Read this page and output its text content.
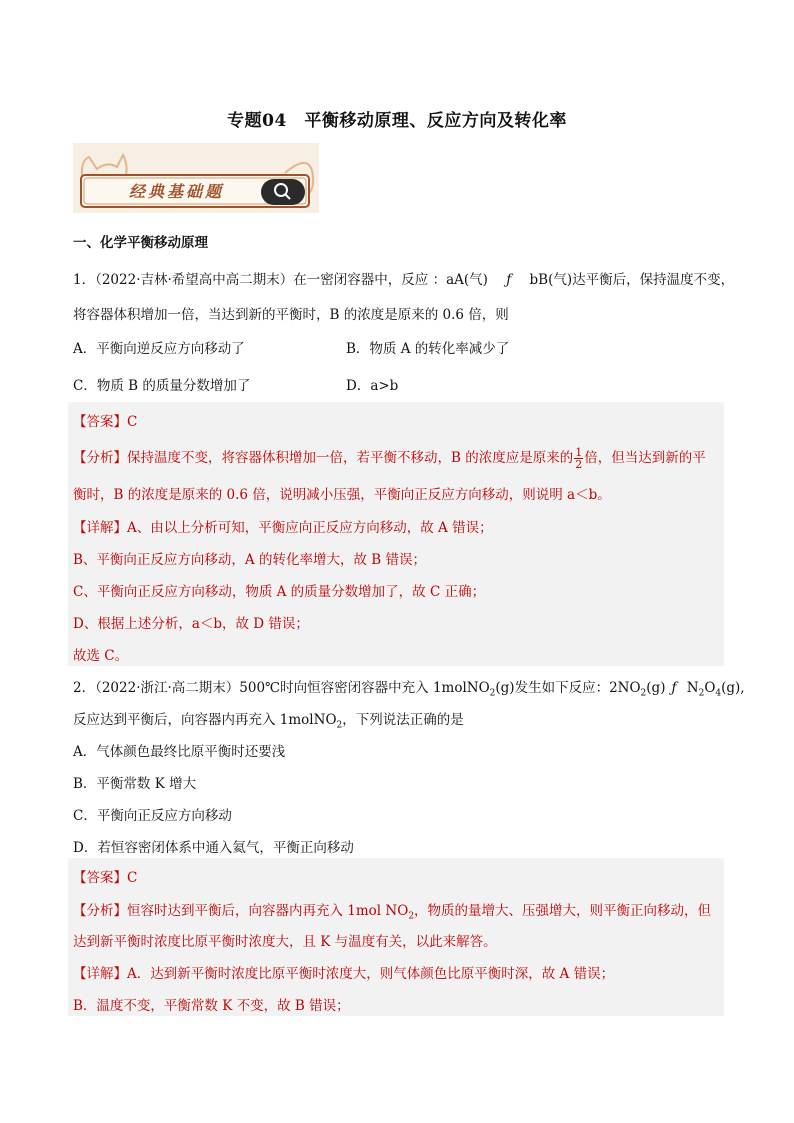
专题04　平衡移动原理、反应方向及转化率
经典基础题
一、化学平衡移动原理
1．（2022·吉林·希望高中高二期末）在一密闭容器中，反应 ：aA(气) ƒ bB(气)达平衡后，保持温度不变，
将容器体积增加一倍，当达到新的平衡时，B 的浓度是原来的 0.6 倍，则
A．平衡向逆反应方向移动了	B．物质 A 的转化率减少了
C．物质 B 的质量分数增加了	D．a>b
【答案】C
【分析】保持温度不变，将容器体积增加一倍，若平衡不移动，B 的浓度应是原来的 $\frac{1}{2}$ 倍，但当达到新的平
衡时，B 的浓度是原来的 0.6 倍，说明减小压强，平衡向正反应方向移动，则说明 a＜b。
【详解】A、由以上分析可知，平衡应向正反应方向移动，故 A 错误；
B、平衡向正反应方向移动，A 的转化率增大，故 B 错误；
C、平衡向正反应方向移动，物质 A 的质量分数增加了，故 C 正确；
D、根据上述分析，a＜b，故 D 错误；
故选 C。
2．（2022·浙江·高二期末）500℃时向恒容密闭容器中充入 1molNO$_2$(g)发生如下反应：$2NO_2(g)$ ƒ $N_2O_4(g)$,
反应达到平衡后，向容器内再充入 1molNO$_2$，下列说法正确的是
A．气体颜色最终比原平衡时还要浅
B．平衡常数 K 增大
C．平衡向正反应方向移动
D．若恒容密闭体系中通入氦气，平衡正向移动
【答案】C
【分析】恒容时达到平衡后，向容器内再充入 1mol $NO_2$，物质的量增大、压强增大，则平衡正向移动，但
达到新平衡时浓度比原平衡时浓度大，且 K 与温度有关，以此来解答。
【详解】A．达到新平衡时浓度比原平衡时浓度大，则气体颜色比原平衡时深，故 A 错误；
B．温度不变，平衡常数 K 不变，故 B 错误；
